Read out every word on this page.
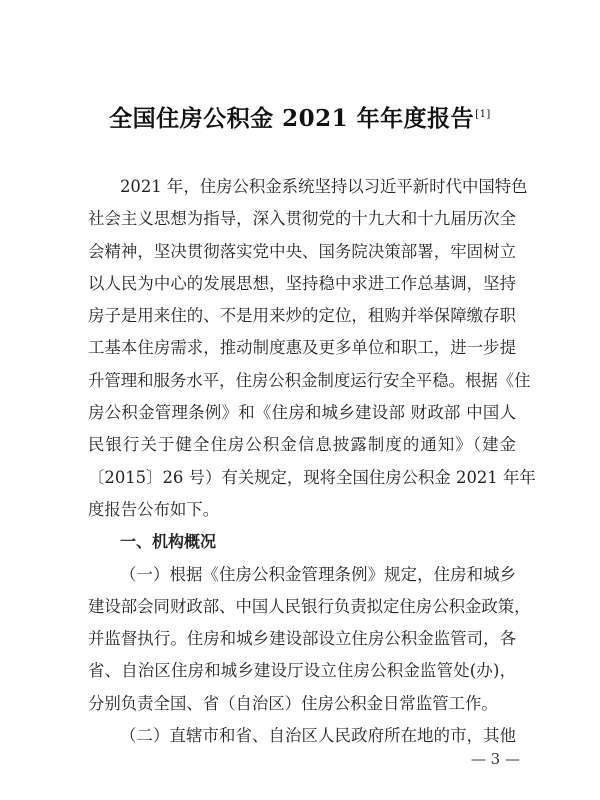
全国住房公积金 2021 年年度报告[1]
2021 年，住房公积金系统坚持以习近平新时代中国特色
社会主义思想为指导，深入贯彻党的十九大和十九届历次全
会精神，坚决贯彻落实党中央、国务院决策部署，牢固树立
以人民为中心的发展思想，坚持稳中求进工作总基调，坚持
房子是用来住的、不是用来炒的定位，租购并举保障缴存职
工基本住房需求，推动制度惠及更多单位和职工，进一步提
升管理和服务水平，住房公积金制度运行安全平稳。根据《住
房公积金管理条例》和《住房和城乡建设部 财政部 中国人
民银行关于健全住房公积金信息披露制度的通知》（建金
〔2015〕26 号）有关规定，现将全国住房公积金 2021 年年
度报告公布如下。
一、机构概况
（一）根据《住房公积金管理条例》规定，住房和城乡
建设部会同财政部、中国人民银行负责拟定住房公积金政策，
并监督执行。住房和城乡建设部设立住房公积金监管司，各
省、自治区住房和城乡建设厅设立住房公积金监管处(办)，
分别负责全国、省（自治区）住房公积金日常监管工作。
（二）直辖市和省、自治区人民政府所在地的市，其他
— 3 —
